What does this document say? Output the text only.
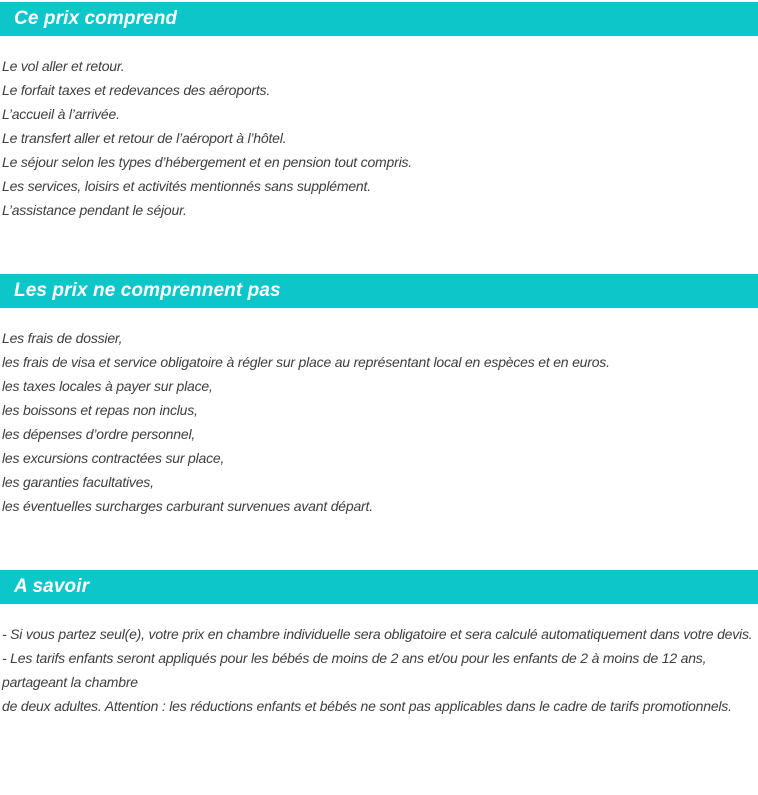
Ce prix comprend

Le vol aller et retour.

Le forfait taxes et redevances des aéroports.

L’accueil à l’arrivée.

Le transfert aller et retour de l’aéroport à l’hôtel.

Le séjour selon les types d’hébergement et en pension tout compris.

Les services, loisirs et activités mentionnés sans supplément.

L’assistance pendant le séjour.

Les prix ne comprennent pas

Les frais de dossier,

les frais de visa et service obligatoire à régler sur place au représentant local en espèces et en euros.

les taxes locales à payer sur place,

les boissons et repas non inclus,

les dépenses d’ordre personnel,

les excursions contractées sur place,

les garanties facultatives,

les éventuelles surcharges carburant survenues avant départ.

A savoir

- Si vous partez seul(e), votre prix en chambre individuelle sera obligatoire et sera calculé automatiquement dans votre devis.

- Les tarifs enfants seront appliqués pour les bébés de moins de 2 ans et/ou pour les enfants de 2 à moins de 12 ans, partageant la chambre

de deux adultes. Attention : les réductions enfants et bébés ne sont pas applicables dans le cadre de tarifs promotionnels.
